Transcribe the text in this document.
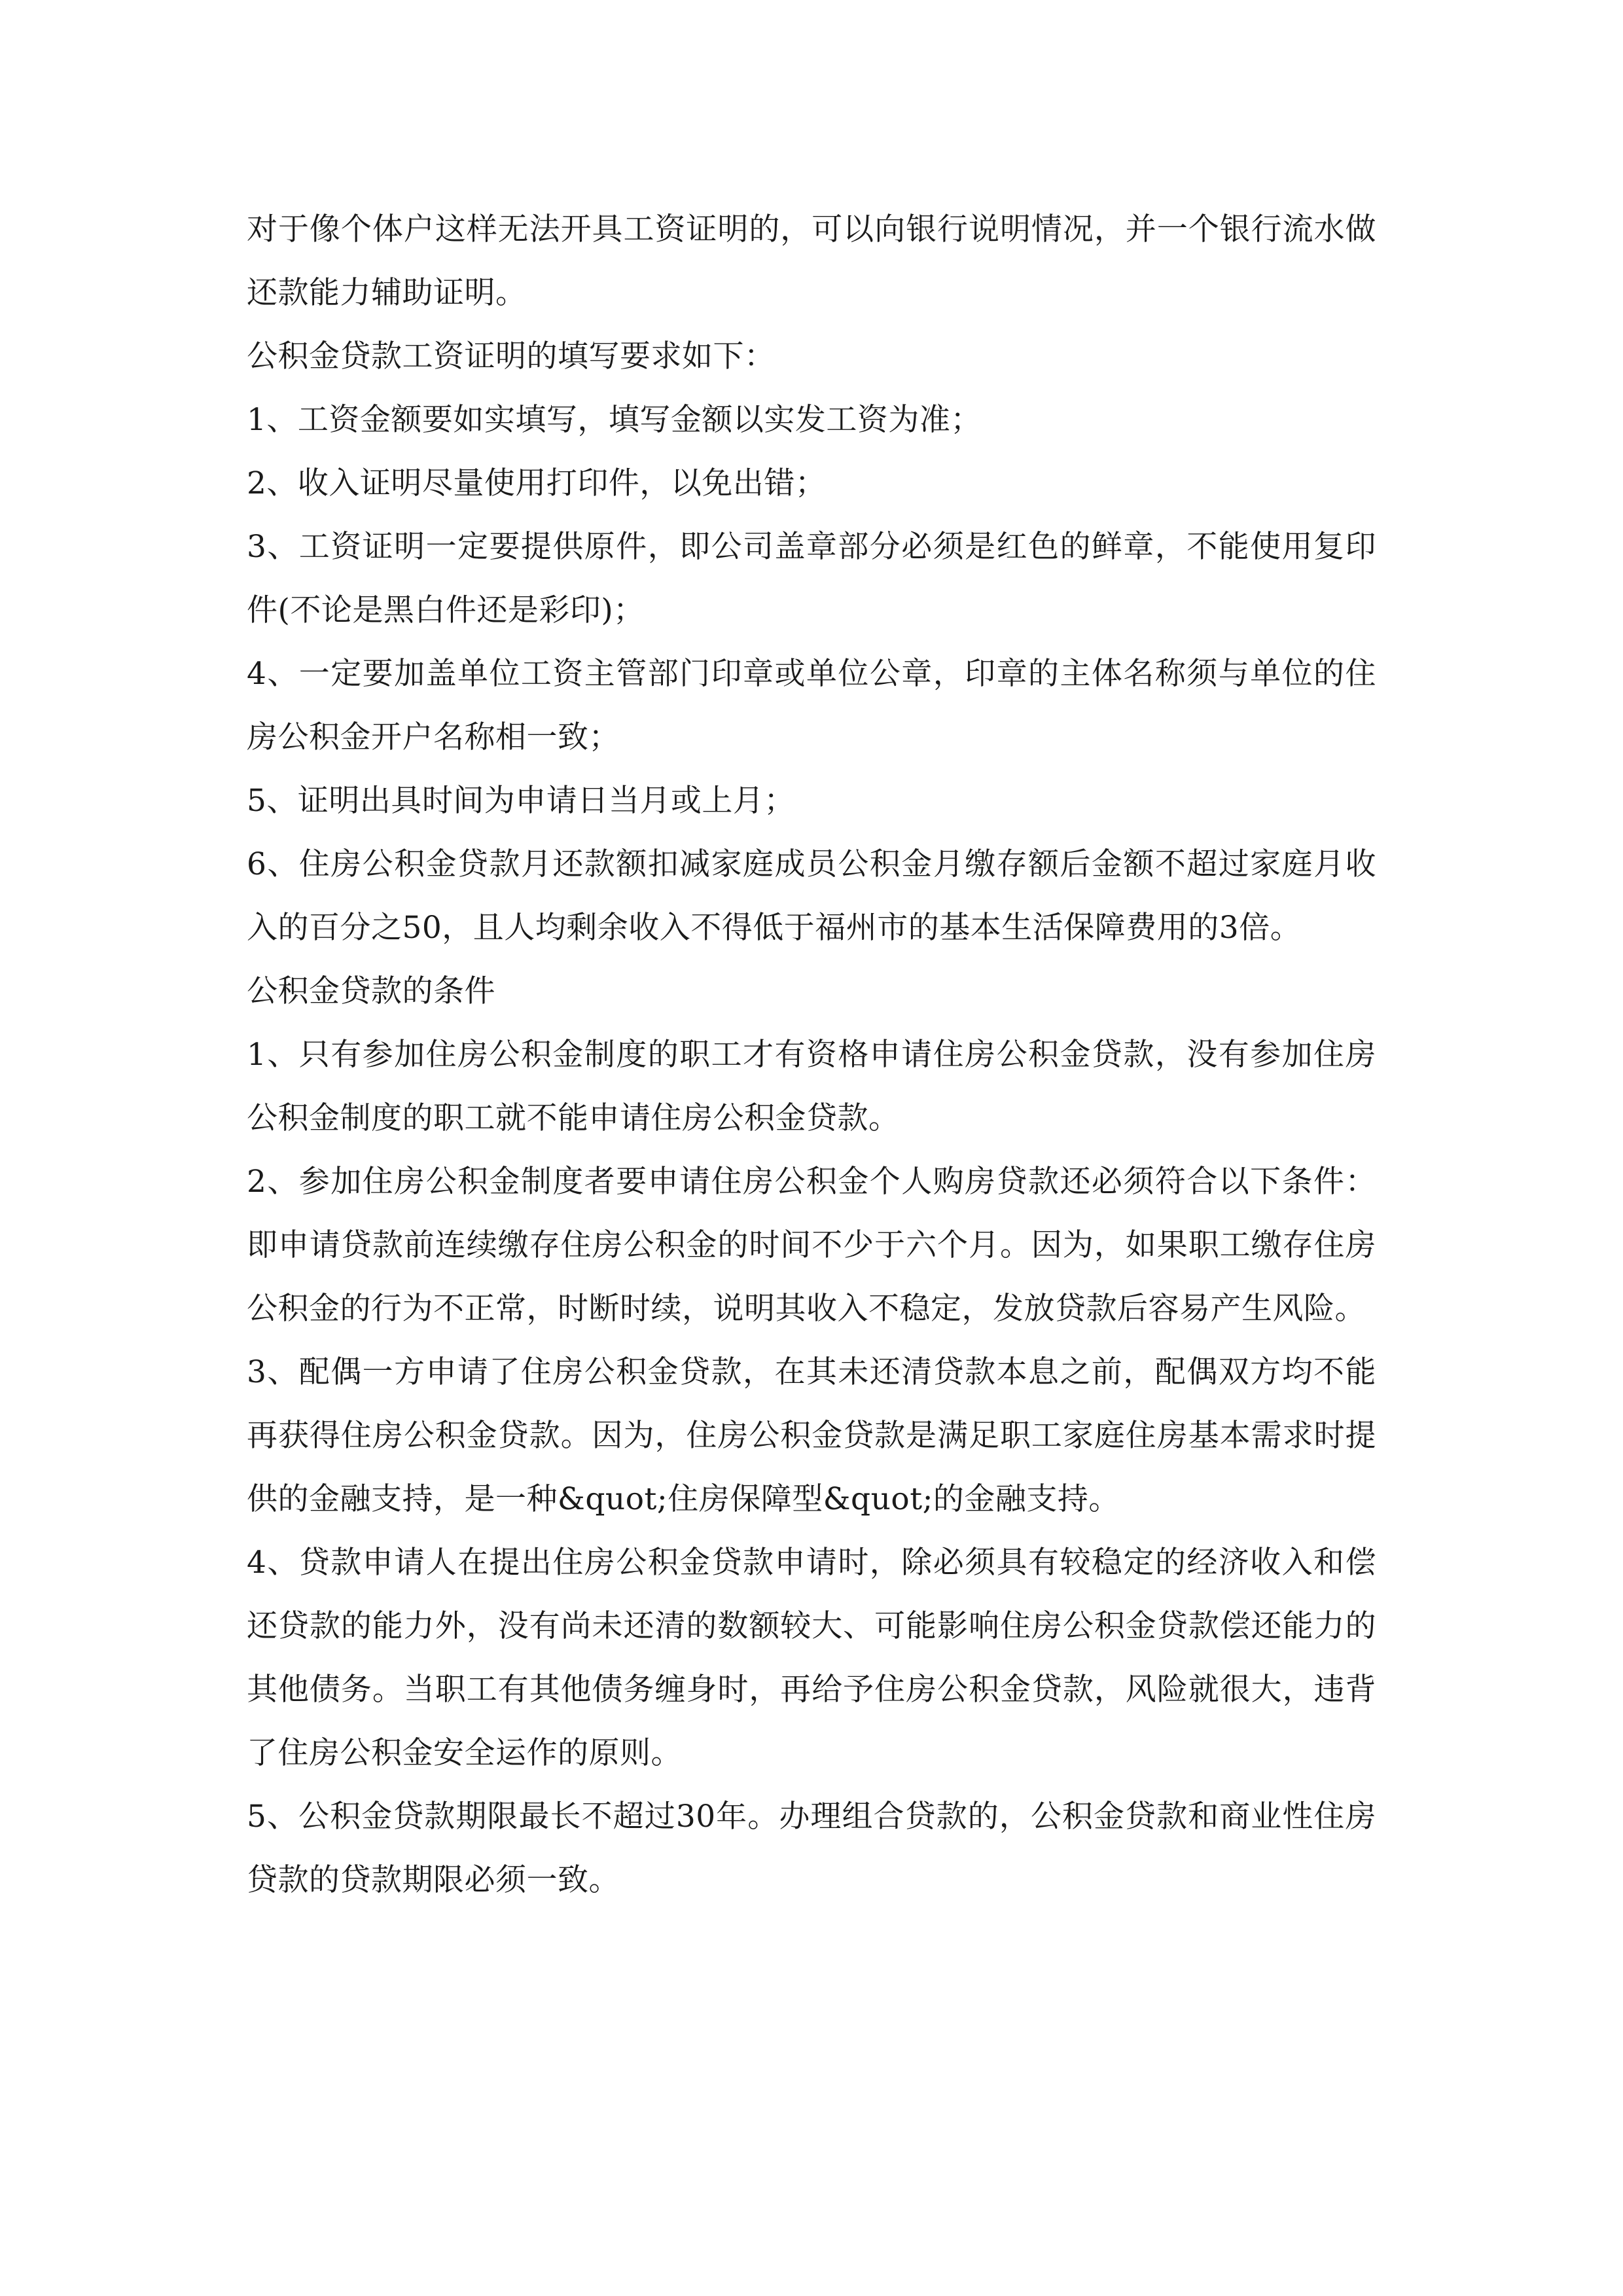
对于像个体户这样无法开具工资证明的，可以向银行说明情况，并一个银行流水做还款能力辅助证明。

公积金贷款工资证明的填写要求如下：

1、工资金额要如实填写，填写金额以实发工资为准；

2、收入证明尽量使用打印件，以免出错；

3、工资证明一定要提供原件，即公司盖章部分必须是红色的鲜章，不能使用复印件(不论是黑白件还是彩印)；

4、一定要加盖单位工资主管部门印章或单位公章，印章的主体名称须与单位的住房公积金开户名称相一致；

5、证明出具时间为申请日当月或上月；

6、住房公积金贷款月还款额扣减家庭成员公积金月缴存额后金额不超过家庭月收入的百分之50，且人均剩余收入不得低于福州市的基本生活保障费用的3倍。

公积金贷款的条件

1、只有参加住房公积金制度的职工才有资格申请住房公积金贷款，没有参加住房公积金制度的职工就不能申请住房公积金贷款。

2、参加住房公积金制度者要申请住房公积金个人购房贷款还必须符合以下条件：即申请贷款前连续缴存住房公积金的时间不少于六个月。因为，如果职工缴存住房公积金的行为不正常，时断时续，说明其收入不稳定，发放贷款后容易产生风险。

3、配偶一方申请了住房公积金贷款，在其未还清贷款本息之前，配偶双方均不能再获得住房公积金贷款。因为，住房公积金贷款是满足职工家庭住房基本需求时提供的金融支持，是一种&quot;住房保障型&quot;的金融支持。

4、贷款申请人在提出住房公积金贷款申请时，除必须具有较稳定的经济收入和偿还贷款的能力外，没有尚未还清的数额较大、可能影响住房公积金贷款偿还能力的其他债务。当职工有其他债务缠身时，再给予住房公积金贷款，风险就很大，违背了住房公积金安全运作的原则。

5、公积金贷款期限最长不超过30年。办理组合贷款的，公积金贷款和商业性住房贷款的贷款期限必须一致。
